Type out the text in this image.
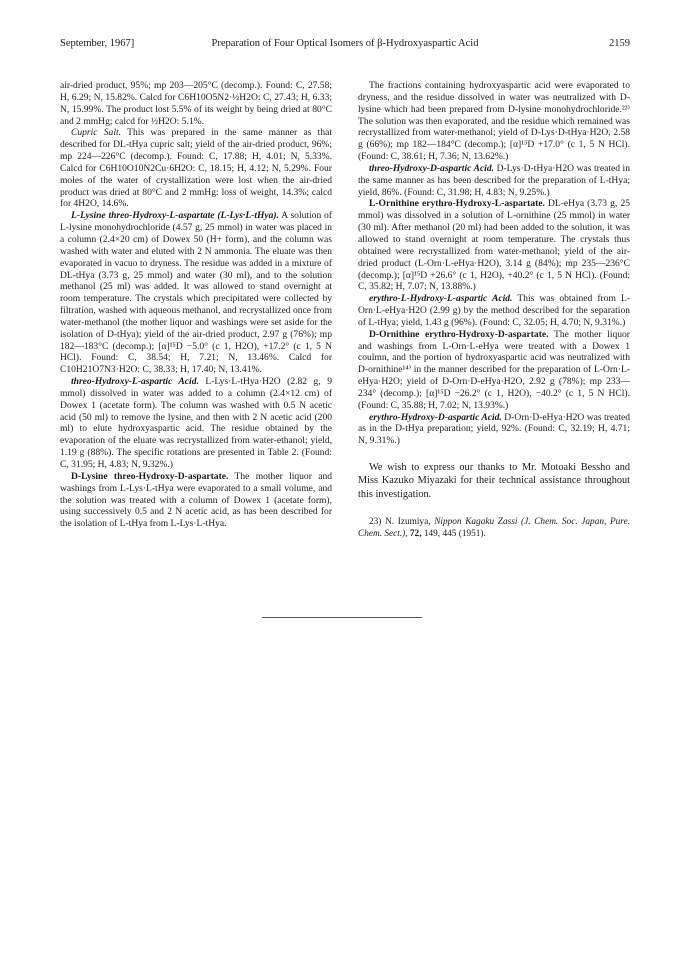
September, 1967]	Preparation of Four Optical Isomers of β-Hydroxyaspartic Acid	2159

air-dried product, 95%; mp 203—205°C (decomp.). Found: C, 27.58; H, 6.29; N, 15.82%. Calcd for C6H10O5N2·½H2O: C, 27.43; H, 6.33; N, 15.99%. The product lost 5.5% of its weight by being dried at 80°C and 2 mmHg; calcd for ½H2O: 5.1%.

Cupric Salt. This was prepared in the same manner as that described for DL-tHya cupric salt; yield of the air-dried product, 96%; mp 224—226°C (decomp.). Found: C, 17.88; H, 4.01; N, 5.33%. Calcd for C6H10O10N2Cu·6H2O: C, 18.15; H, 4.12; N, 5.29%. Four moles of the water of crystallization were lost when the air-dried product was dried at 80°C and 2 mmHg: loss of weight, 14.3%; calcd for 4H2O, 14.6%.

L-Lysine threo-Hydroxy-L-aspartate (L-Lys·L-tHya). A solution of L-lysine monohydrochloride (4.57 g, 25 mmol) in water was placed in a column (2.4×20 cm) of Dowex 50 (H+ form), and the column was washed with water and eluted with 2 N ammonia. The eluate was then evaporated in vacuo to dryness. The residue was added in a mixture of DL-tHya (3.73 g, 25 mmol) and water (30 ml), and to the solution methanol (25 ml) was added. It was allowed to stand overnight at room temperature. The crystals which precipitated were collected by filtration, washed with aqueous methanol, and recrystallized once from water-methanol (the mother liquor and washings were set aside for the isolation of D-tHya); yield of the air-dried product, 2.97 g (76%); mp 182—183°C (decomp.); [α]¹⁵D −5.0° (c 1, H2O), +17.2° (c 1, 5 N HCl). Found: C, 38.54; H, 7.21; N, 13.46%. Calcd for C10H21O7N3·H2O: C, 38.33; H, 17.40; N, 13.41%.

threo-Hydroxy-L-aspartic Acid. L-Lys·L-tHya·H2O (2.82 g, 9 mmol) dissolved in water was added to a column (2.4×12 cm) of Dowex 1 (acetate form). The column was washed with 0.5 N acetic acid (50 ml) to remove the lysine, and then with 2 N acetic acid (200 ml) to elute hydroxyaspartic acid. The residue obtained by the evaporation of the eluate was recrystallized from water-ethanol; yield, 1.19 g (88%). The specific rotations are presented in Table 2. (Found: C, 31.95; H, 4.83; N, 9.32%.)

D-Lysine threo-Hydroxy-D-aspartate. The mother liquor and washings from L-Lys·L-tHya were evaporated to a small volume, and the solution was treated with a column of Dowex 1 (acetate form), using successively 0.5 and 2 N acetic acid, as has been described for the isolation of L-tHya from L-Lys·L-tHya.

The fractions containing hydroxyaspartic acid were evaporated to dryness, and the residue dissolved in water was neutralized with D-lysine which had been prepared from D-lysine monohydrochloride.²³⁾ The solution was then evaporated, and the residue which remained was recrystallized from water-methanol; yield of D-Lys·D-tHya·H2O, 2.58 g (66%); mp 182—184°C (decomp.); [α]¹⁵D +17.0° (c 1, 5 N HCl). (Found: C, 38.61; H, 7.36; N, 13.62%.)

threo-Hydroxy-D-aspartic Acid. D-Lys·D-tHya·H2O was treated in the same manner as has been described for the preparation of L-tHya; yield, 86%. (Found: C, 31.98; H, 4.83; N, 9.25%.)

L-Ornithine erythro-Hydroxy-L-aspartate. DL-eHya (3.73 g, 25 mmol) was dissolved in a solution of L-ornithine (25 mmol) in water (30 ml). After methanol (20 ml) had been added to the solution, it was allowed to stand overnight at room temperature. The crystals thus obtained were recrystallized from water-methanol; yield of the air-dried product (L-Orn·L-eHya·H2O), 3.14 g (84%); mp 235—236°C (decomp.); [α]¹⁵D +26.6° (c 1, H2O), +40.2° (c 1, 5 N HCl). (Found: C, 35.82; H, 7.07; N, 13.88%.)

erythro-L-Hydroxy-L-aspartic Acid. This was obtained from L-Orn·L-eHya·H2O (2.99 g) by the method described for the separation of L-tHya; yield, 1.43 g (96%). (Found: C, 32.05; H, 4.70; N, 9.31%.)

D-Ornithine erythro-Hydroxy-D-aspartate. The mother liquor and washings from L-Orn·L-eHya were treated with a Dowex 1 coulmn, and the portion of hydroxyaspartic acid was neutralized with D-ornithine¹⁴⁾ in the manner described for the preparation of L-Orn·L-eHya·H2O; yield of D-Orn·D-eHya·H2O, 2.92 g (78%); mp 233—234° (decomp.); [α]¹⁵D −26.2° (c 1, H2O), −40.2° (c 1, 5 N HCl). (Found: C, 35.88; H, 7.02; N, 13.93%.)

erythro-Hydroxy-D-aspartic Acid. D-Orn·D-eHya·H2O was treated as in the D-tHya preparation; yield, 92%. (Found: C, 32.19; H, 4.71; N, 9.31%.)

We wish to express our thanks to Mr. Motoaki Bessho and Miss Kazuko Miyazaki for their technical assistance throughout this investigation.

23) N. Izumiya, Nippon Kagaku Zassi (J. Chem. Soc. Japan, Pure. Chem. Sect.), 72, 149, 445 (1951).
